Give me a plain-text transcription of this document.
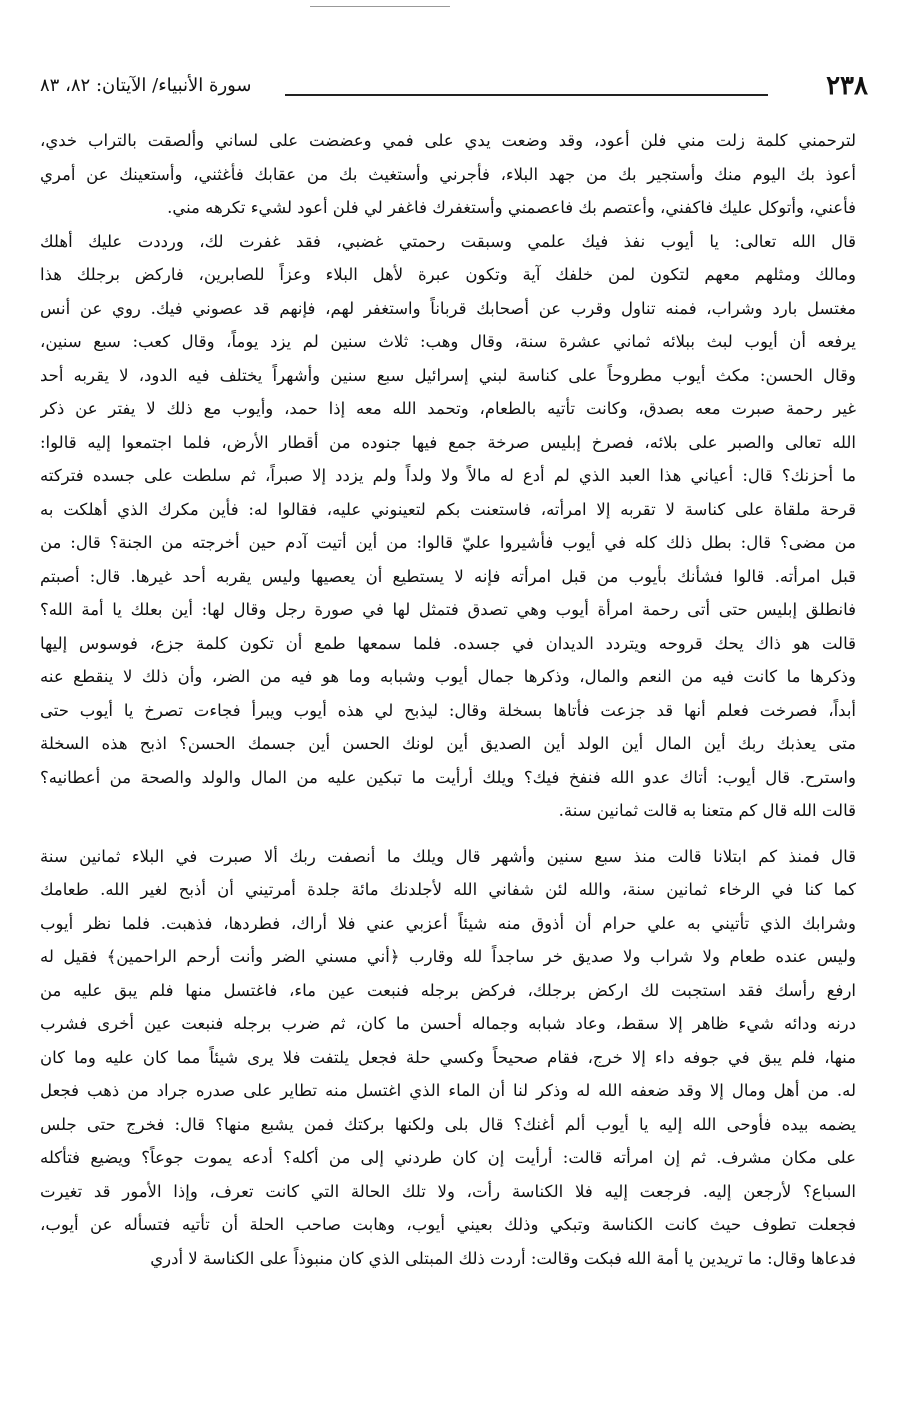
٢٣٨
سورة الأنبياء/ الآيتان: ٨٢، ٨٣
لترحمني كلمة زلت مني فلن أعود، وقد وضعت يدي على فمي وعضضت على لساني وألصقت بالتراب خدي،
أعوذ بك اليوم منك وأستجير بك من جهد البلاء، فأجرني وأستغيث بك من عقابك فأغثني، وأستعينك عن أمري
فأعني، وأتوكل عليك فاكفني، وأعتصم بك فاعصمني وأستغفرك فاغفر لي فلن أعود لشيء تكرهه مني.
قال الله تعالى: يا أيوب نفذ فيك علمي وسبقت رحمتي غضبي، فقد غفرت لك، ورددت عليك أهلك
ومالك ومثلهم معهم لتكون لمن خلفك آية وتكون عبرة لأهل البلاء وعزاً للصابرين، فاركض برجلك هذا
مغتسل بارد وشراب، فمنه تناول وقرب عن أصحابك قرباناً واستغفر لهم، فإنهم قد عصوني فيك. روي عن أنس
يرفعه أن أيوب لبث ببلائه ثماني عشرة سنة، وقال وهب: ثلاث سنين لم يزد يوماً، وقال كعب: سبع سنين،
وقال الحسن: مكث أيوب مطروحاً على كناسة لبني إسرائيل سبع سنين وأشهراً يختلف فيه الدود، لا يقربه أحد
غير رحمة صبرت معه بصدق، وكانت تأتيه بالطعام، وتحمد الله معه إذا حمد، وأيوب مع ذلك لا يفتر عن ذكر
الله تعالى والصبر على بلائه، فصرخ إبليس صرخة جمع فيها جنوده من أقطار الأرض، فلما اجتمعوا إليه قالوا:
ما أحزنك؟ قال: أعياني هذا العبد الذي لم أدع له مالاً ولا ولداً ولم يزدد إلا صبراً، ثم سلطت على جسده فتركته
قرحة ملقاة على كناسة لا تقربه إلا امرأته، فاستعنت بكم لتعينوني عليه، فقالوا له: فأين مكرك الذي أهلكت به
من مضى؟ قال: بطل ذلك كله في أيوب فأشيروا عليّ قالوا: من أين أتيت آدم حين أخرجته من الجنة؟ قال: من
قبل امرأته. قالوا فشأنك بأيوب من قبل امرأته فإنه لا يستطيع أن يعصيها وليس يقربه أحد غيرها. قال: أصبتم
فانطلق إبليس حتى أتى رحمة امرأة أيوب وهي تصدق فتمثل لها في صورة رجل وقال لها: أين بعلك يا أمة الله؟
قالت هو ذاك يحك قروحه ويتردد الديدان في جسده. فلما سمعها طمع أن تكون كلمة جزع، فوسوس إليها
وذكرها ما كانت فيه من النعم والمال، وذكرها جمال أيوب وشبابه وما هو فيه من الضر، وأن ذلك لا ينقطع عنه
أبداً، فصرخت فعلم أنها قد جزعت فأتاها بسخلة وقال: ليذبح لي هذه أيوب ويبرأ فجاءت تصرخ يا أيوب حتى
متى يعذبك ربك أين المال أين الولد أين الصديق أين لونك الحسن أين جسمك الحسن؟ اذبح هذه السخلة
واسترح. قال أيوب: أتاك عدو الله فنفخ فيك؟ ويلك أرأيت ما تبكين عليه من المال والولد والصحة من أعطانيه؟
قالت الله قال كم متعنا به قالت ثمانين سنة.
قال فمنذ كم ابتلانا قالت منذ سبع سنين وأشهر قال ويلك ما أنصفت ربك ألا صبرت في البلاء ثمانين سنة
كما كنا في الرخاء ثمانين سنة، والله لئن شفاني الله لأجلدنك مائة جلدة أمرتيني أن أذبح لغير الله. طعامك
وشرابك الذي تأتيني به علي حرام أن أذوق منه شيئاً أعزبي عني فلا أراك، فطردها، فذهبت. فلما نظر أيوب
وليس عنده طعام ولا شراب ولا صديق خر ساجداً لله وقارب ﴿أني مسني الضر وأنت أرحم الراحمين﴾ فقيل له
ارفع رأسك فقد استجبت لك اركض برجلك، فركض برجله فنبعت عين ماء، فاغتسل منها فلم يبق عليه من
درنه ودائه شيء ظاهر إلا سقط، وعاد شبابه وجماله أحسن ما كان، ثم ضرب برجله فنبعت عين أخرى فشرب
منها، فلم يبق في جوفه داء إلا خرج، فقام صحيحاً وكسي حلة فجعل يلتفت فلا يرى شيئاً مما كان عليه وما كان
له. من أهل ومال إلا وقد ضعفه الله له وذكر لنا أن الماء الذي اغتسل منه تطاير على صدره جراد من ذهب فجعل
يضمه بيده فأوحى الله إليه يا أيوب ألم أغنك؟ قال بلى ولكنها بركتك فمن يشبع منها؟ قال: فخرج حتى جلس
على مكان مشرف. ثم إن امرأته قالت: أرأيت إن كان طردني إلى من أكله؟ أدعه يموت جوعاً؟ ويضيع فتأكله
السباع؟ لأرجعن إليه. فرجعت إليه فلا الكناسة رأت، ولا تلك الحالة التي كانت تعرف، وإذا الأمور قد تغيرت
فجعلت تطوف حيث كانت الكناسة وتبكي وذلك بعيني أيوب، وهابت صاحب الحلة أن تأتيه فتسأله عن أيوب،
فدعاها وقال: ما تريدين يا أمة الله فبكت وقالت: أردت ذلك المبتلى الذي كان منبوذاً على الكناسة لا أدري
